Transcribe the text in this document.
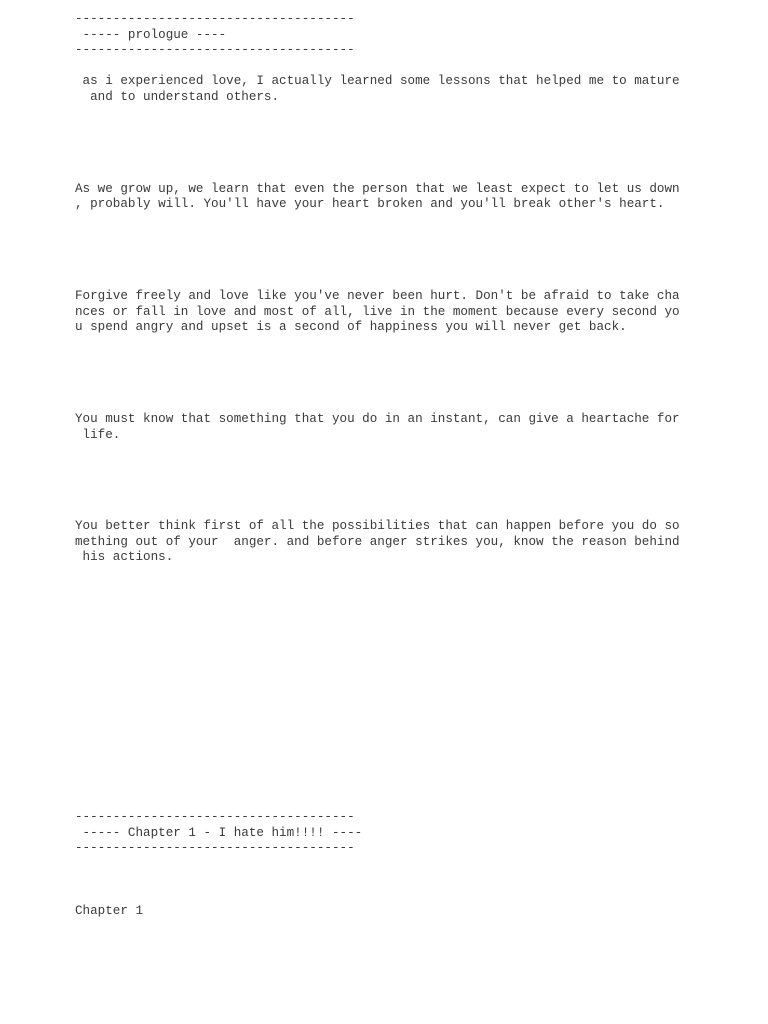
-------------------------------------

----- prologue ----

-------------------------------------

as i experienced love, I actually learned some lessons that helped me to mature

and to understand others.

As we grow up, we learn that even the person that we least expect to let us down

, probably will. You'll have your heart broken and you'll break other's heart.

Forgive freely and love like you've never been hurt. Don't be afraid to take cha

nces or fall in love and most of all, live in the moment because every second yo

u spend angry and upset is a second of happiness you will never get back.

You must know that something that you do in an instant, can give a heartache for

life.

You better think first of all the possibilities that can happen before you do so

mething out of your  anger. and before anger strikes you, know the reason behind

his actions.

-------------------------------------

----- Chapter 1 - I hate him!!!! ----

-------------------------------------

Chapter 1
